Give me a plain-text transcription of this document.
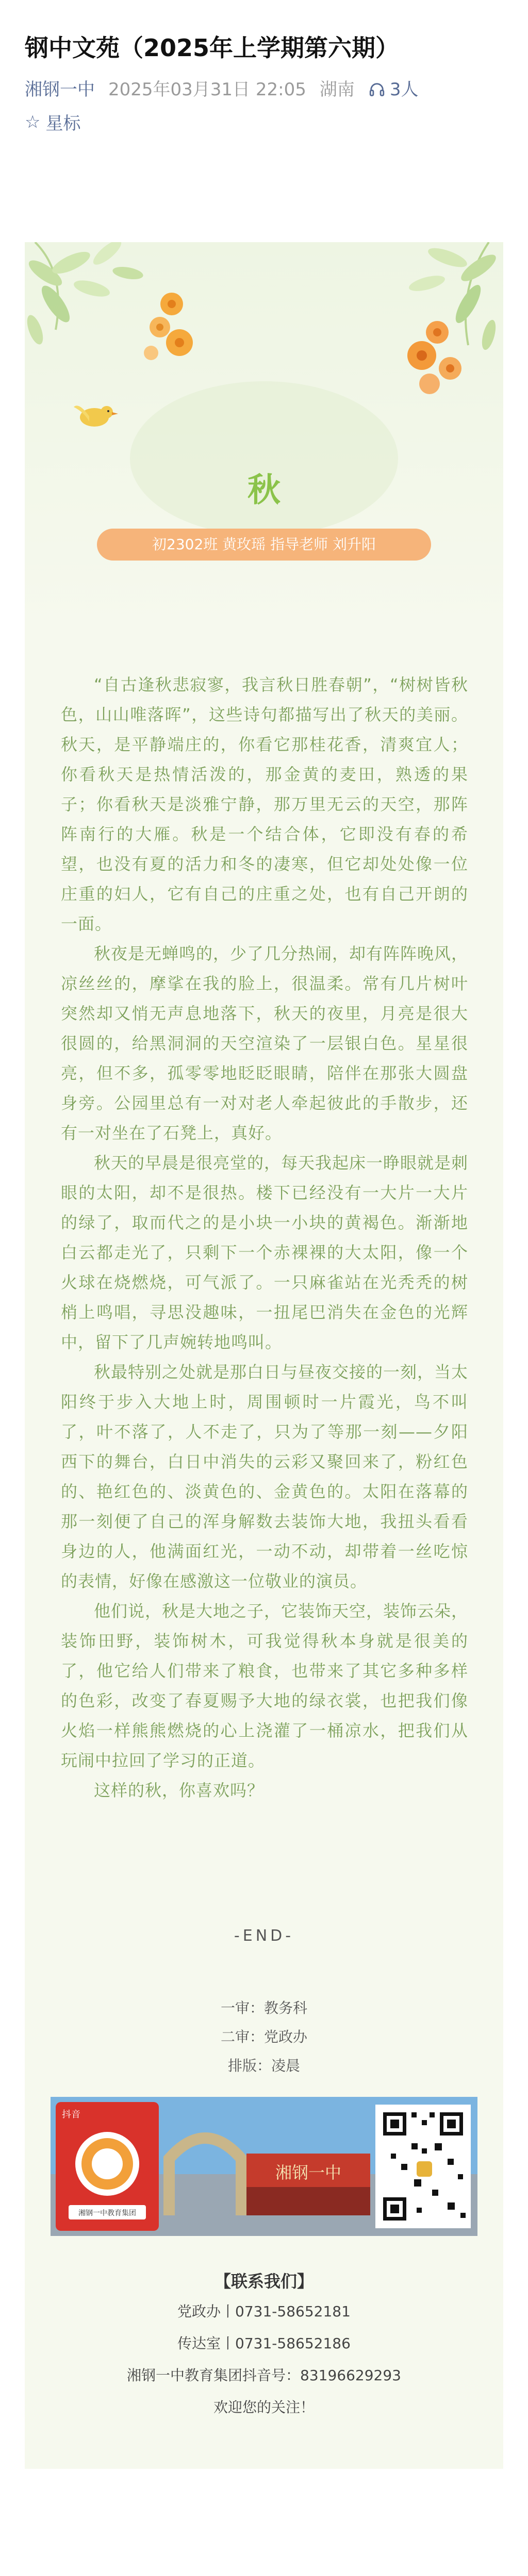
钢中文苑（2025年上学期第六期）
湘钢一中 2025年03月31日 22:05 湖南 3人
☆ 星标
秋
初2302班 黄玫瑶 指导老师 刘升阳

“自古逢秋悲寂寥，我言秋日胜春朝”，“树树皆秋色，山山唯落晖”，这些诗句都描写出了秋天的美丽。秋天，是平静端庄的，你看它那桂花香，清爽宜人；你看秋天是热情活泼的，那金黄的麦田，熟透的果子；你看秋天是淡雅宁静，那万里无云的天空，那阵阵南行的大雁。秋是一个结合体，它即没有春的希望，也没有夏的活力和冬的凄寒，但它却处处像一位庄重的妇人，它有自己的庄重之处，也有自己开朗的一面。

秋夜是无蝉鸣的，少了几分热闹，却有阵阵晚风，凉丝丝的，摩挲在我的脸上，很温柔。常有几片树叶突然却又悄无声息地落下，秋天的夜里，月亮是很大很圆的，给黑洞洞的天空渲染了一层银白色。星星很亮，但不多，孤零零地眨眨眼睛，陪伴在那张大圆盘身旁。公园里总有一对对老人牵起彼此的手散步，还有一对坐在了石凳上，真好。

秋天的早晨是很亮堂的，每天我起床一睁眼就是刺眼的太阳，却不是很热。楼下已经没有一大片一大片的绿了，取而代之的是小块一小块的黄褐色。渐渐地白云都走光了，只剩下一个赤裸裸的大太阳，像一个火球在烧燃烧，可气派了。一只麻雀站在光秃秃的树梢上鸣唱，寻思没趣味，一扭尾巴消失在金色的光辉中，留下了几声婉转地鸣叫。

秋最特别之处就是那白日与昼夜交接的一刻，当太阳终于步入大地上时，周围顿时一片霞光，鸟不叫了，叶不落了，人不走了，只为了等那一刻——夕阳西下的舞台，白日中消失的云彩又聚回来了，粉红色的、艳红色的、淡黄色的、金黄色的。太阳在落幕的那一刻便了自己的浑身解数去装饰大地，我扭头看看身边的人，他满面红光，一动不动，却带着一丝吃惊的表情，好像在感激这一位敬业的演员。

他们说，秋是大地之子，它装饰天空，装饰云朵，装饰田野，装饰树木，可我觉得秋本身就是很美的了，他它给人们带来了粮食，也带来了其它多种多样的色彩，改变了春夏赐予大地的绿衣裳，也把我们像火焰一样熊熊燃烧的心上浇灌了一桶凉水，把我们从玩闹中拉回了学习的正道。

这样的秋，你喜欢吗？

-END-
一审：教务科
二审：党政办
排版：凌晨
抖音
湘钢一中教育集团
湘钢一中
【联系我们】
党政办丨0731-58652181
传达室丨0731-58652186
湘钢一中教育集团抖音号：83196629293
欢迎您的关注！
